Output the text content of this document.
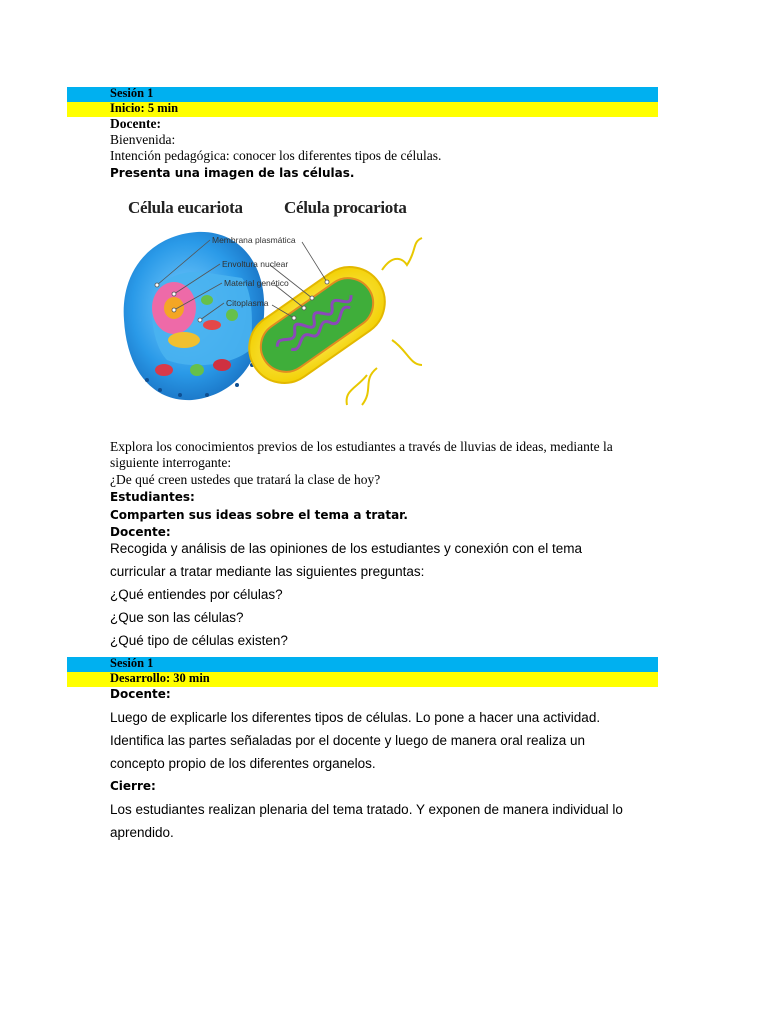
Sesión 1
Inicio: 5 min
Docente:
Bienvenida:
Intención pedagógica: conocer los diferentes tipos de células.
Presenta una imagen de las células.
Célula eucariota Célula procariota
Membrana plasmática
Envoltura nuclear
Material genético
Citoplasma
Explora los conocimientos previos de los estudiantes a través de lluvias de ideas, mediante la
siguiente interrogante:
¿De qué creen ustedes que tratará la clase de hoy?
Estudiantes:
Comparten sus ideas sobre el tema a tratar.
Docente:
Recogida y análisis de las opiniones de los estudiantes y conexión con el tema
curricular a tratar mediante las siguientes preguntas:
¿Qué entiendes por células?
¿Que son las células?
¿Qué tipo de células existen?
Sesión 1
Desarrollo: 30 min
Docente:
Luego de explicarle los diferentes tipos de células. Lo pone a hacer una actividad.
Identifica las partes señaladas por el docente y luego de manera oral realiza un
concepto propio de los diferentes organelos.
Cierre:
Los estudiantes realizan plenaria del tema tratado. Y exponen de manera individual lo
aprendido.
